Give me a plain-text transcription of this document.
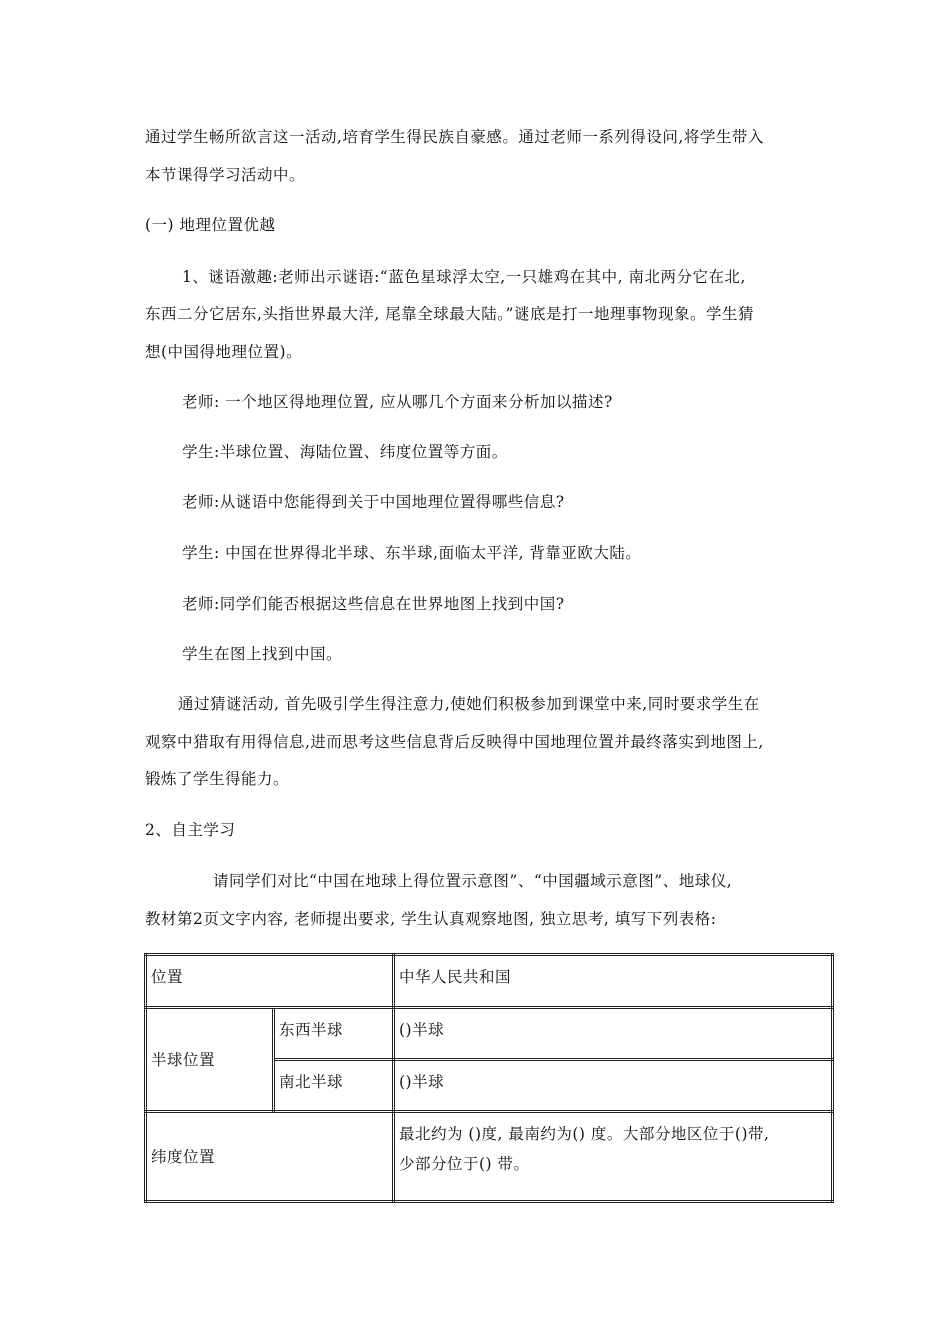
通过学生畅所欲言这一活动,培育学生得民族自豪感。通过老师一系列得设问,将学生带入
本节课得学习活动中。
(一) 地理位置优越
1、谜语激趣:老师出示谜语:“蓝色星球浮太空,一只雄鸡在其中, 南北两分它在北,
东西二分它居东,头指世界最大洋, 尾靠全球最大陆。”谜底是打一地理事物现象。学生猜
想(中国得地理位置)。
老师: 一个地区得地理位置, 应从哪几个方面来分析加以描述?
学生:半球位置、海陆位置、纬度位置等方面。
老师:从谜语中您能得到关于中国地理位置得哪些信息?
学生: 中国在世界得北半球、东半球,面临太平洋, 背靠亚欧大陆。
老师:同学们能否根据这些信息在世界地图上找到中国?
学生在图上找到中国。
通过猜谜活动, 首先吸引学生得注意力,使她们积极参加到课堂中来,同时要求学生在
观察中猎取有用得信息,进而思考这些信息背后反映得中国地理位置并最终落实到地图上,
锻炼了学生得能力。
2、自主学习
请同学们对比“中国在地球上得位置示意图”、“中国疆域示意图”、地球仪,
教材第2页文字内容, 老师提出要求, 学生认真观察地图, 独立思考, 填写下列表格:
位置		中华人民共和国
半球位置	东西半球	()半球
	南北半球	()半球
纬度位置		最北约为 ()度, 最南约为() 度。大部分地区位于()带,
少部分位于() 带。
